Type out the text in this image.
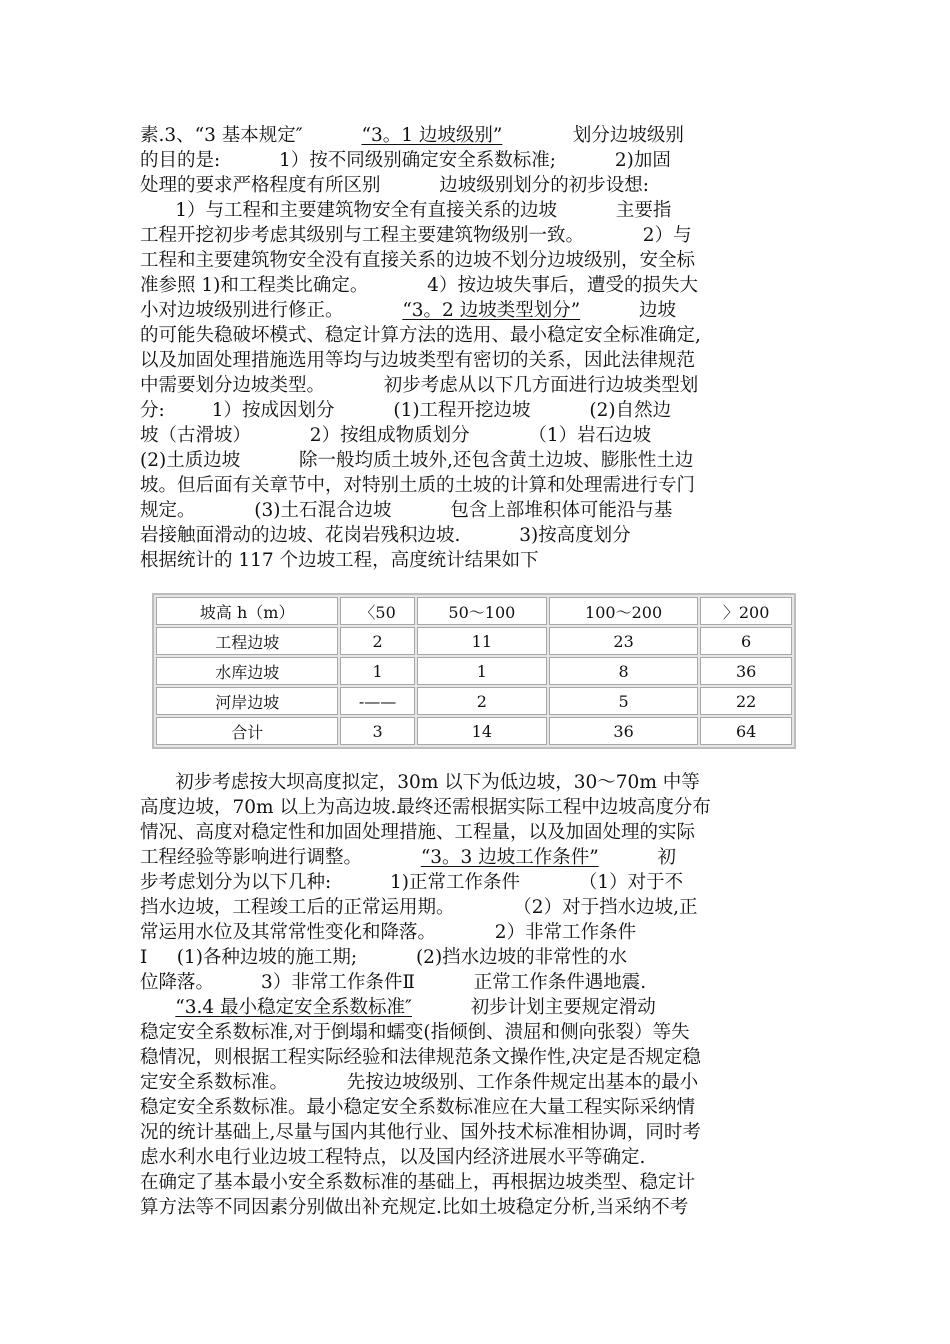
素.3、“3 基本规定″          “3。1 边坡级别”            划分边坡级别
的目的是:          1）按不同级别确定安全系数标准;          2)加固
处理的要求严格程度有所区别          边坡级别划分的初步设想:
1）与工程和主要建筑物安全有直接关系的边坡          主要指
工程开挖初步考虑其级别与工程主要建筑物级别一致。          2）与
工程和主要建筑物安全没有直接关系的边坡不划分边坡级别，安全标
准参照 1)和工程类比确定。          4）按边坡失事后，遭受的损失大
小对边坡级别进行修正。          “3。2 边坡类型划分”          边坡
的可能失稳破坏模式、稳定计算方法的选用、最小稳定安全标准确定,
以及加固处理措施选用等均与边坡类型有密切的关系，因此法律规范
中需要划分边坡类型。          初步考虑从以下几方面进行边坡类型划
分:        1）按成因划分          (1)工程开挖边坡          (2)自然边
坡（古滑坡）          2）按组成物质划分          （1）岩石边坡
(2)土质边坡          除一般均质土坡外,还包含黄土边坡、膨胀性土边
坡。但后面有关章节中，对特别土质的土坡的计算和处理需进行专门
规定。          (3)土石混合边坡          包含上部堆积体可能沿与基
岩接触面滑动的边坡、花岗岩残积边坡.          3)按高度划分
根据统计的 117 个边坡工程，高度统计结果如下
坡高 h（m）	〈50	50～100	100～200	〉200
工程边坡	2	11	23	6
水库边坡	1	1	8	36
河岸边坡	-——	2	5	22
合计	3	14	36	64
初步考虑按大坝高度拟定，30m 以下为低边坡，30～70m 中等
高度边坡，70m 以上为高边坡.最终还需根据实际工程中边坡高度分布
情况、高度对稳定性和加固处理措施、工程量，以及加固处理的实际
工程经验等影响进行调整。          “3。3 边坡工作条件”          初
步考虑划分为以下几种:          1)正常工作条件          （1）对于不
挡水边坡，工程竣工后的正常运用期。          （2）对于挡水边坡,正
常运用水位及其常常性变化和降落。          2）非常工作条件
Ⅰ     (1)各种边坡的施工期;          (2)挡水边坡的非常性的水
位降落。        3）非常工作条件Ⅱ          正常工作条件遇地震.
“3.4 最小稳定安全系数标准″          初步计划主要规定滑动
稳定安全系数标准,对于倒塌和蠕变(指倾倒、溃屈和侧向张裂）等失
稳情况，则根据工程实际经验和法律规范条文操作性,决定是否规定稳
定安全系数标准。          先按边坡级别、工作条件规定出基本的最小
稳定安全系数标准。最小稳定安全系数标准应在大量工程实际采纳情
况的统计基础上,尽量与国内其他行业、国外技术标准相协调，同时考
虑水利水电行业边坡工程特点，以及国内经济进展水平等确定.
在确定了基本最小安全系数标准的基础上，再根据边坡类型、稳定计
算方法等不同因素分别做出补充规定.比如土坡稳定分析,当采纳不考
